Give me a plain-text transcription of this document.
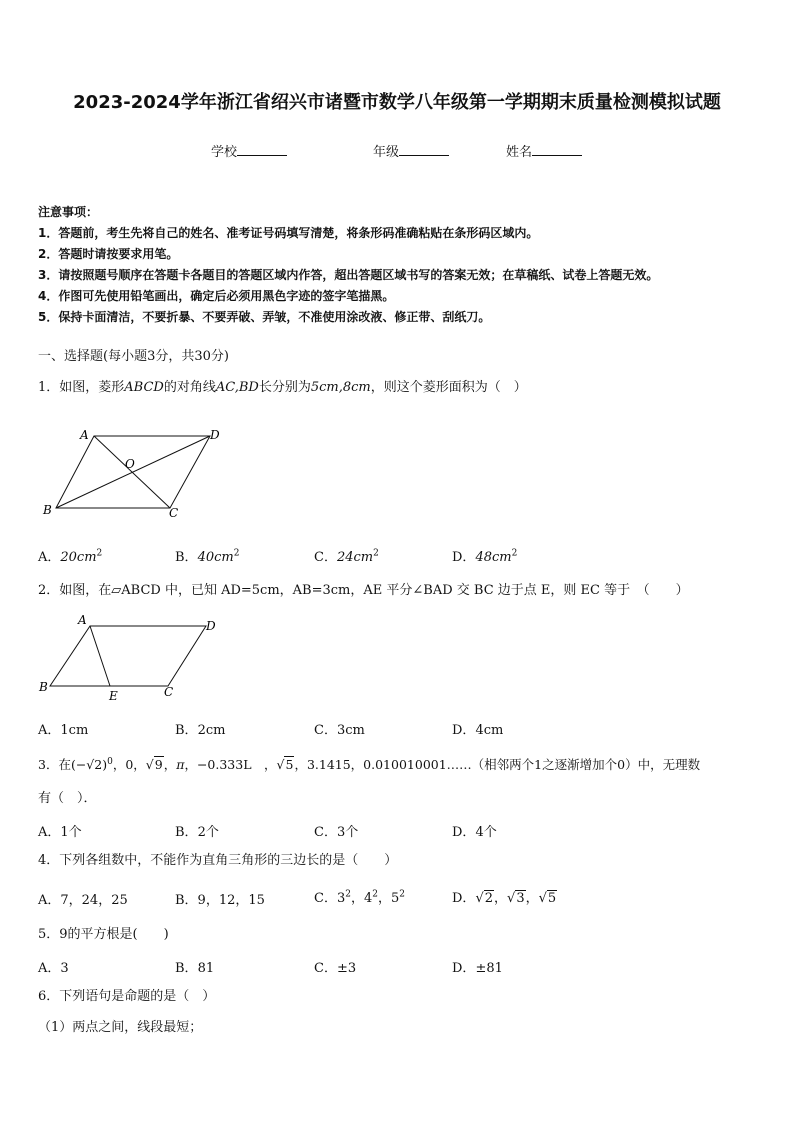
2023-2024学年浙江省绍兴市诸暨市数学八年级第一学期期末质量检测模拟试题
学校	年级	姓名
注意事项：
1．答题前，考生先将自己的姓名、准考证号码填写清楚，将条形码准确粘贴在条形码区域内。
2．答题时请按要求用笔。
3．请按照题号顺序在答题卡各题目的答题区域内作答，超出答题区域书写的答案无效；在草稿纸、试卷上答题无效。
4．作图可先使用铅笔画出，确定后必须用黑色字迹的签字笔描黑。
5．保持卡面清洁，不要折暴、不要弄破、弄皱，不准使用涂改液、修正带、刮纸刀。
一、选择题(每小题3分，共30分)
1．如图，菱形ABCD的对角线AC,BD长分别为5cm,8cm，则这个菱形面积为（　）
A	D
B	C
O
A．$20cm^2$	B．$40cm^2$	C．$24cm^2$	D．$48cm^2$
2．如图，在▱ABCD 中，已知 AD=5cm，AB=3cm，AE 平分∠BAD 交 BC 边于点 E，则 EC 等于　（　　）
A	D
B	C
E
A．1cm	B．2cm	C．3cm	D．4cm
3．在$(-√2)^0$，0，√9，π，−0.333L　，√5，3.1415，0.010010001……（相邻两个1之逐渐增加个0）中，无理数
有（　）．
A．1个	B．2个	C．3个	D．4个
4．下列各组数中，不能作为直角三角形的三边长的是（　　）
A．7，24，25	B．9，12，15	C．$3^2$，$4^2$，$5^2$	D．√2，√3，√5
5．9的平方根是(　　)
A．3	B．81	C．±3	D．±81
6．下列语句是命题的是（　）
（1）两点之间，线段最短；
